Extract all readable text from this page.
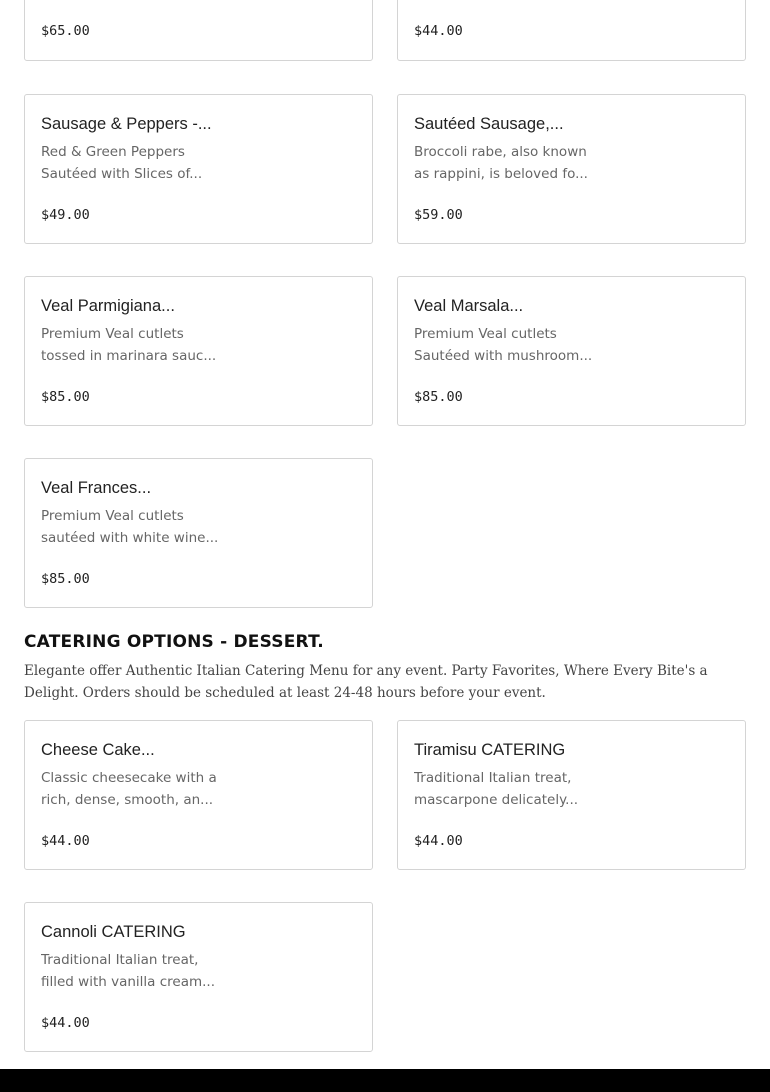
$65.00	$44.00
Sausage & Peppers -...
Red & Green Peppers
Sautéed with Slices of...
$49.00
Sautéed Sausage,...
Broccoli rabe, also known
as rappini, is beloved fo...
$59.00
Veal Parmigiana...
Premium Veal cutlets
tossed in marinara sauc...
$85.00
Veal Marsala...
Premium Veal cutlets
Sautéed with mushroom...
$85.00
Veal Frances...
Premium Veal cutlets
sautéed with white wine...
$85.00
CATERING OPTIONS - DESSERT.
Elegante offer Authentic Italian Catering Menu for any event. Party Favorites, Where Every Bite's a Delight. Orders should be scheduled at least 24-48 hours before your event.
Cheese Cake...
Classic cheesecake with a
rich, dense, smooth, an...
$44.00
Tiramisu CATERING
Traditional Italian treat,
mascarpone delicately...
$44.00
Cannoli CATERING
Traditional Italian treat,
filled with vanilla cream...
$44.00
